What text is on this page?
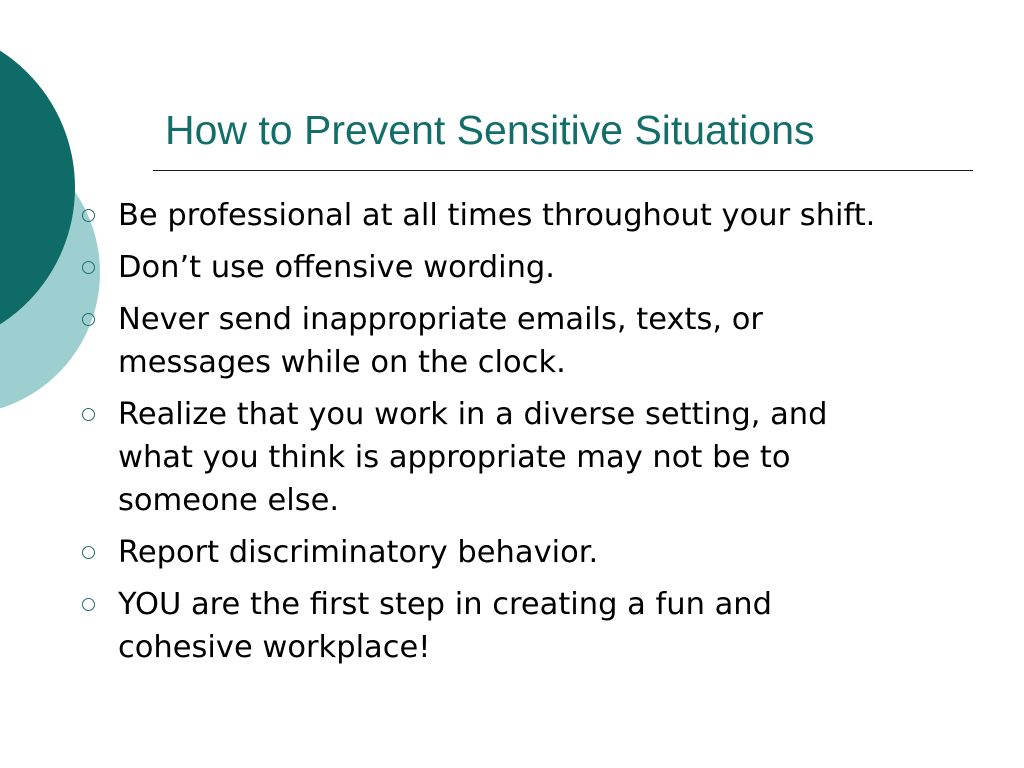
How to Prevent Sensitive Situations
Be professional at all times throughout your shift.
Don’t use offensive wording.
Never send inappropriate emails, texts, or messages while on the clock.
Realize that you work in a diverse setting, and what you think is appropriate may not be to someone else.
Report discriminatory behavior.
YOU are the first step in creating a fun and cohesive workplace!
